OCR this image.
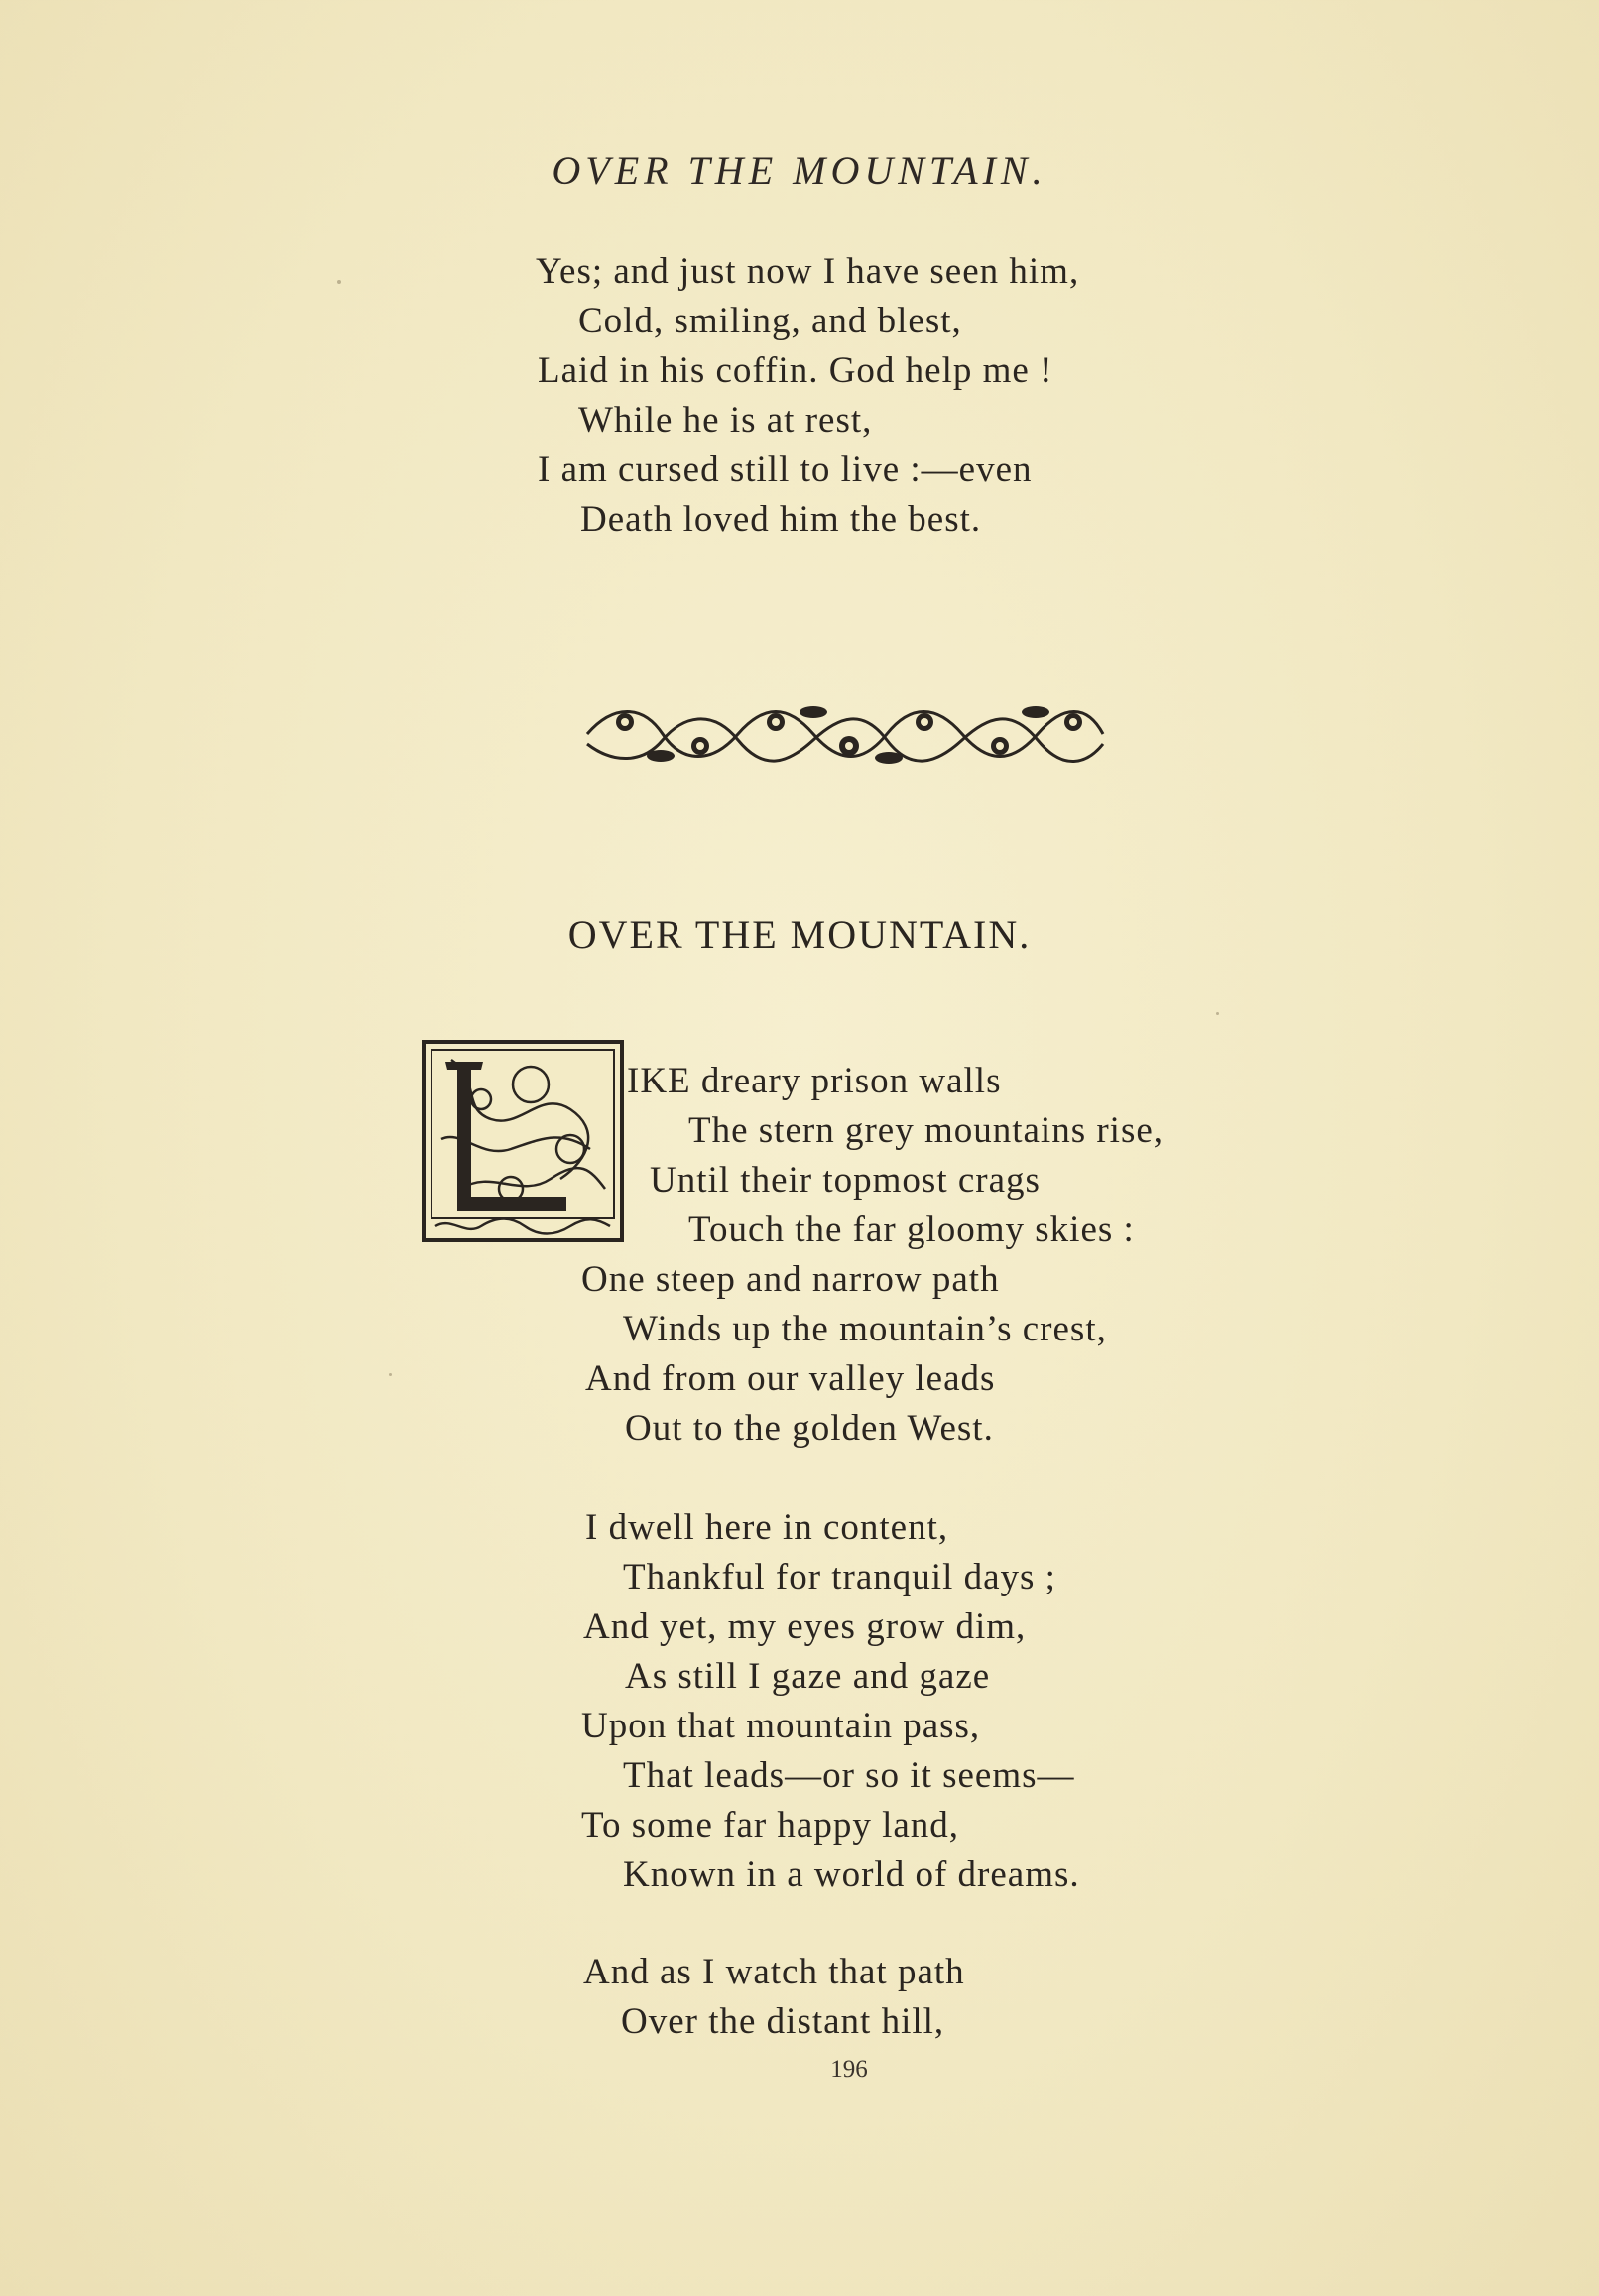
OVER THE MOUNTAIN.
Yes; and just now I have seen him,
Cold, smiling, and blest,
Laid in his coffin. God help me !
While he is at rest,
I am cursed still to live :—even
Death loved him the best.
OVER THE MOUNTAIN.
IKE dreary prison walls
The stern grey mountains rise,
Until their topmost crags
Touch the far gloomy skies :
One steep and narrow path
Winds up the mountain’s crest,
And from our valley leads
Out to the golden West.
I dwell here in content,
Thankful for tranquil days ;
And yet, my eyes grow dim,
As still I gaze and gaze
Upon that mountain pass,
That leads—or so it seems—
To some far happy land,
Known in a world of dreams.
And as I watch that path
Over the distant hill,
196
